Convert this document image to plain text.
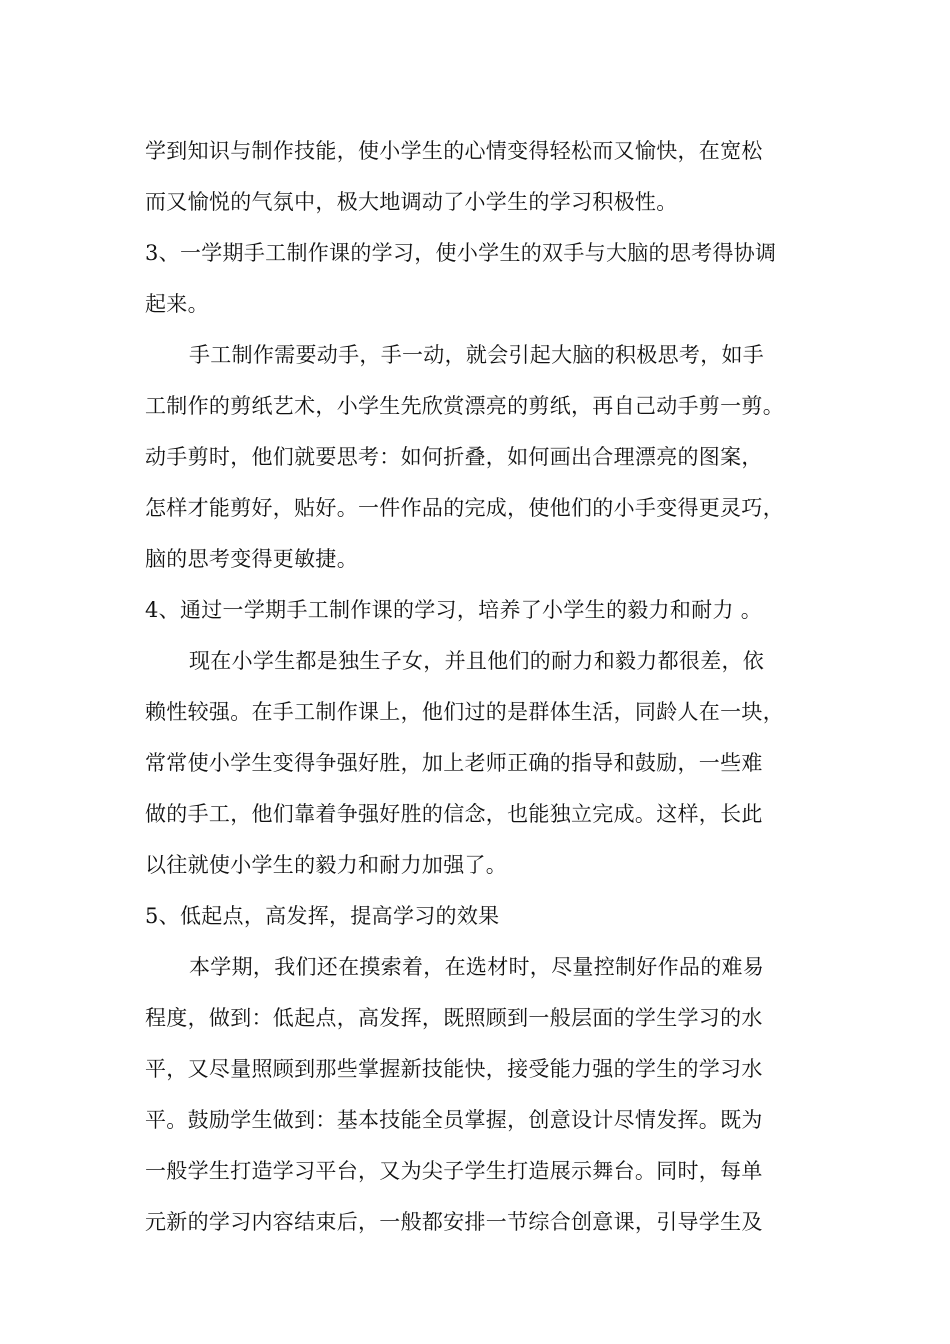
学到知识与制作技能，使小学生的心情变得轻松而又愉快，在宽松

而又愉悦的气氛中，极大地调动了小学生的学习积极性。

3、一学期手工制作课的学习，使小学生的双手与大脑的思考得协调

起来。

手工制作需要动手，手一动，就会引起大脑的积极思考，如手

工制作的剪纸艺术，小学生先欣赏漂亮的剪纸，再自己动手剪一剪。

动手剪时，他们就要思考：如何折叠，如何画出合理漂亮的图案，

怎样才能剪好，贴好。一件作品的完成，使他们的小手变得更灵巧，

脑的思考变得更敏捷。

4、通过一学期手工制作课的学习，培养了小学生的毅力和耐力 。

现在小学生都是独生子女，并且他们的耐力和毅力都很差，依

赖性较强。在手工制作课上，他们过的是群体生活，同龄人在一块，

常常使小学生变得争强好胜，加上老师正确的指导和鼓励，一些难

做的手工，他们靠着争强好胜的信念，也能独立完成。这样，长此

以往就使小学生的毅力和耐力加强了。

5、低起点，高发挥，提高学习的效果

本学期，我们还在摸索着，在选材时，尽量控制好作品的难易

程度，做到：低起点，高发挥，既照顾到一般层面的学生学习的水

平，又尽量照顾到那些掌握新技能快，接受能力强的学生的学习水

平。鼓励学生做到：基本技能全员掌握，创意设计尽情发挥。既为

一般学生打造学习平台，又为尖子学生打造展示舞台。同时，每单

元新的学习内容结束后，一般都安排一节综合创意课，引导学生及
